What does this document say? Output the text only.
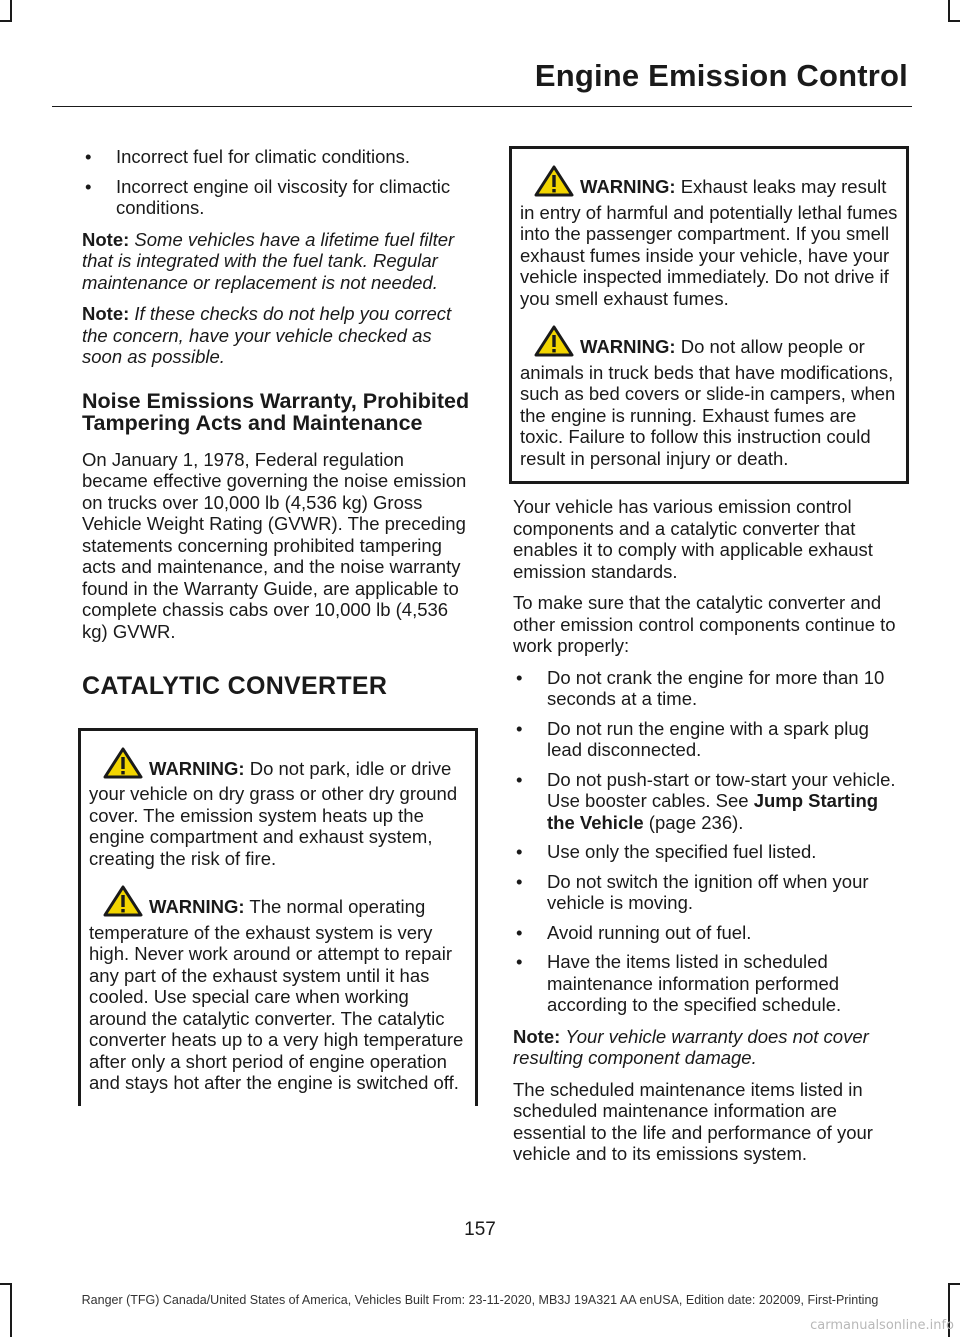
Engine Emission Control
• Incorrect fuel for climatic conditions.
• Incorrect engine oil viscosity for climactic conditions.

Note: Some vehicles have a lifetime fuel filter that is integrated with the fuel tank. Regular maintenance or replacement is not needed.

Note: If these checks do not help you correct the concern, have your vehicle checked as soon as possible.

Noise Emissions Warranty, Prohibited Tampering Acts and Maintenance

On January 1, 1978, Federal regulation became effective governing the noise emission on trucks over 10,000 lb (4,536 kg) Gross Vehicle Weight Rating (GVWR). The preceding statements concerning prohibited tampering acts and maintenance, and the noise warranty found in the Warranty Guide, are applicable to complete chassis cabs over 10,000 lb (4,536 kg) GVWR.

CATALYTIC CONVERTER

WARNING: Do not park, idle or drive your vehicle on dry grass or other dry ground cover. The emission system heats up the engine compartment and exhaust system, creating the risk of fire.

WARNING: The normal operating temperature of the exhaust system is very high. Never work around or attempt to repair any part of the exhaust system until it has cooled. Use special care when working around the catalytic converter. The catalytic converter heats up to a very high temperature after only a short period of engine operation and stays hot after the engine is switched off.

WARNING: Exhaust leaks may result in entry of harmful and potentially lethal fumes into the passenger compartment. If you smell exhaust fumes inside your vehicle, have your vehicle inspected immediately. Do not drive if you smell exhaust fumes.

WARNING: Do not allow people or animals in truck beds that have modifications, such as bed covers or slide-in campers, when the engine is running. Exhaust fumes are toxic. Failure to follow this instruction could result in personal injury or death.

Your vehicle has various emission control components and a catalytic converter that enables it to comply with applicable exhaust emission standards.

To make sure that the catalytic converter and other emission control components continue to work properly:

• Do not crank the engine for more than 10 seconds at a time.
• Do not run the engine with a spark plug lead disconnected.
• Do not push-start or tow-start your vehicle. Use booster cables. See Jump Starting the Vehicle (page 236).
• Use only the specified fuel listed.
• Do not switch the ignition off when your vehicle is moving.
• Avoid running out of fuel.
• Have the items listed in scheduled maintenance information performed according to the specified schedule.

Note: Your vehicle warranty does not cover resulting component damage.

The scheduled maintenance items listed in scheduled maintenance information are essential to the life and performance of your vehicle and to its emissions system.

157
Ranger (TFG) Canada/United States of America, Vehicles Built From: 23-11-2020, MB3J 19A321 AA enUSA, Edition date: 202009, First-Printing
carmanualsonline.info
